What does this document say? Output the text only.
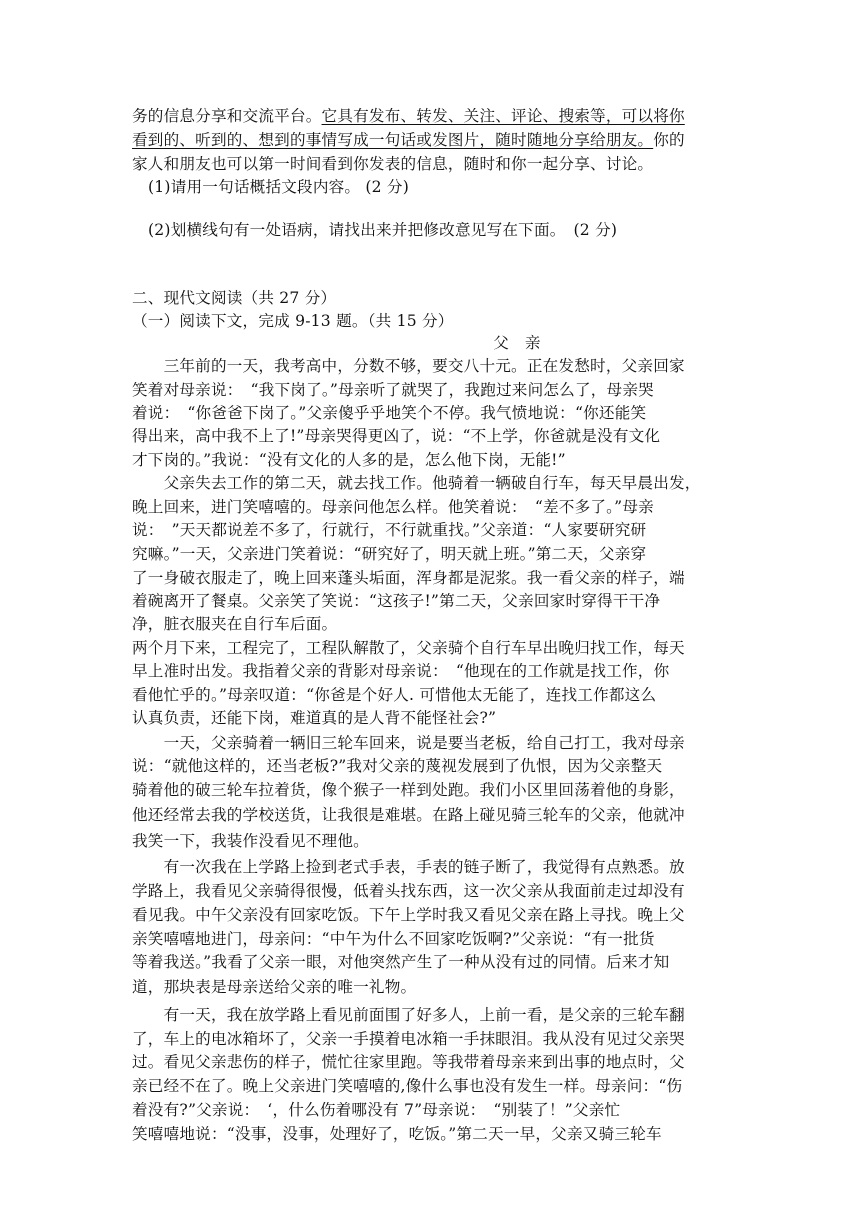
务的信息分享和交流平台。它具有发布、转发、关注、评论、搜索等，可以将你
看到的、听到的、想到的事情写成一句话或发图片，随时随地分享给朋友。你的
家人和朋友也可以第一时间看到你发表的信息，随时和你一起分享、讨论。
(1)请用一句话概括文段内容。 (2 分)
(2)划横线句有一处语病，请找出来并把修改意见写在下面。　(2 分)
二、现代文阅读（共 27 分）
（一）阅读下文，完成 9-13 题。（共 15 分）
父　亲
　　三年前的一天，我考高中，分数不够，要交八十元。正在发愁时，父亲回家
笑着对母亲说：　“我下岗了。”母亲听了就哭了，我跑过来问怎么了，母亲哭
着说：　“你爸爸下岗了。”父亲傻乎乎地笑个不停。我气愤地说：“你还能笑
得出来，高中我不上了!”母亲哭得更凶了，说：“不上学，你爸就是没有文化
才下岗的。”我说：“没有文化的人多的是，怎么他下岗，无能!”
　　父亲失去工作的第二天，就去找工作。他骑着一辆破自行车，每天早晨出发，
晚上回来，进门笑嘻嘻的。母亲问他怎么样。他笑着说：　“差不多了。”母亲
说：　”天天都说差不多了，行就行，不行就重找。”父亲道：“人家要研究研
究嘛。”一天，父亲进门笑着说：“研究好了，明天就上班。”第二天，父亲穿
了一身破衣服走了，晚上回来蓬头垢面，浑身都是泥浆。我一看父亲的样子，端
着碗离开了餐桌。父亲笑了笑说：“这孩子!”第二天，父亲回家时穿得干干净
净，脏衣服夹在自行车后面。
两个月下来，工程完了，工程队解散了，父亲骑个自行车早出晚归找工作，每天
早上准时出发。我指着父亲的背影对母亲说：　“他现在的工作就是找工作，你
看他忙乎的。”母亲叹道：“你爸是个好人. 可惜他太无能了，连找工作都这么
认真负责，还能下岗，难道真的是人背不能怪社会?”
　　一天，父亲骑着一辆旧三轮车回来，说是要当老板，给自己打工，我对母亲
说：“就他这样的，还当老板?”我对父亲的蔑视发展到了仇恨，因为父亲整天
骑着他的破三轮车拉着货，像个猴子一样到处跑。我们小区里回荡着他的身影，
他还经常去我的学校送货，让我很是难堪。在路上碰见骑三轮车的父亲，他就冲
我笑一下，我装作没看见不理他。
　　有一次我在上学路上捡到老式手表，手表的链子断了，我觉得有点熟悉。放
学路上，我看见父亲骑得很慢，低着头找东西，这一次父亲从我面前走过却没有
看见我。中午父亲没有回家吃饭。下午上学时我又看见父亲在路上寻找。晚上父
亲笑嘻嘻地进门，母亲问：“中午为什么不回家吃饭啊?”父亲说：“有一批货
等着我送。”我看了父亲一眼，对他突然产生了一种从没有过的同情。后来才知
道，那块表是母亲送给父亲的唯一礼物。
　　有一天，我在放学路上看见前面围了好多人，上前一看，是父亲的三轮车翻
了，车上的电冰箱坏了，父亲一手摸着电冰箱一手抹眼泪。我从没有见过父亲哭
过。看见父亲悲伤的样子，慌忙往家里跑。等我带着母亲来到出事的地点时，父
亲已经不在了。晚上父亲进门笑嘻嘻的,像什么事也没有发生一样。母亲问：“伤
着没有?”父亲说：　‘，什么伤着哪没有 7”母亲说：　“别装了！”父亲忙
笑嘻嘻地说：“没事，没事，处理好了，吃饭。”第二天一早，父亲又骑三轮车
